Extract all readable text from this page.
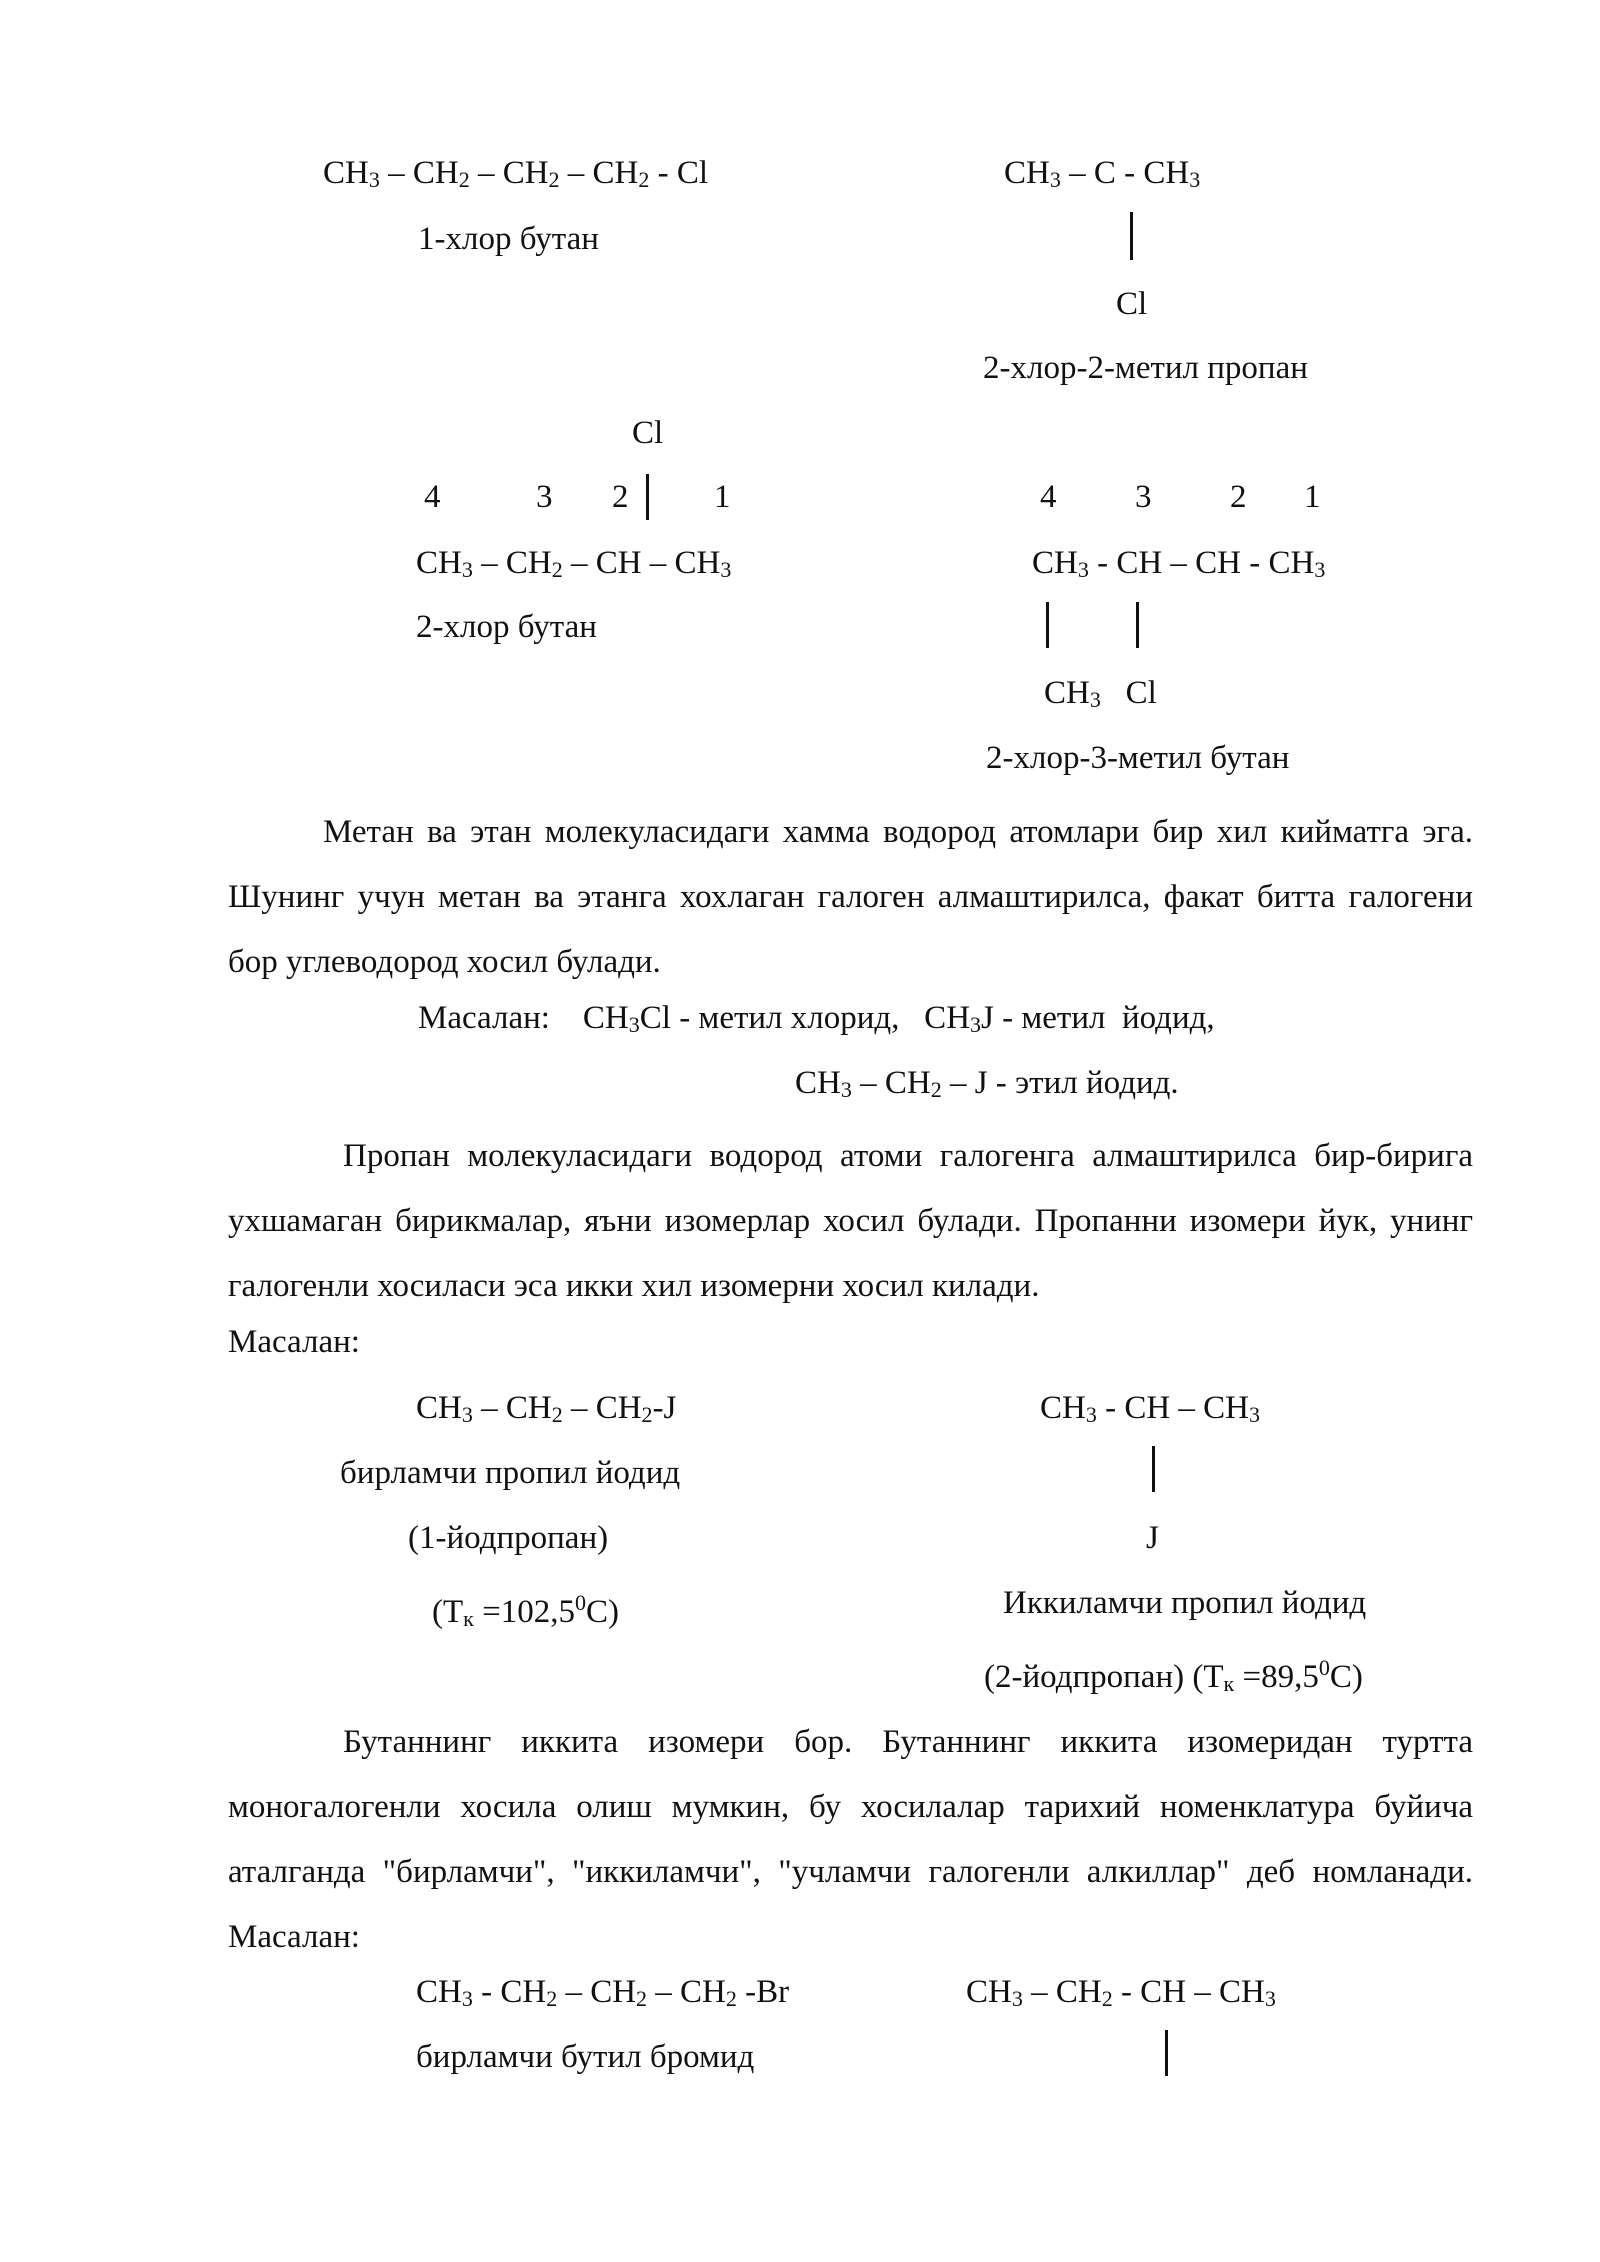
$CH_3 - CH_2 - CH_2 - CH_2$ - Cl
1-хлор бутан
$CH_3$ – C - $CH_3$
Cl
2-хлор-2-метил пропан
Cl
4	3 2	1
$CH_3 - CH_2$ – CH – $CH_3$
2-хлор бутан
4 3 2 1
$CH_3$ - CH – CH - $CH_3$
$CH_3$   Cl
2-хлор-3-метил бутан
Метан ва этан молекуласидаги хамма водород атомлари бир хил кийматга эга. Шунинг учун метан ва этанга хохлаган галоген алмаштирилса, факат битта галогени бор углеводород хосил булади.
Масалан:    $CH_3Cl$ - метил хлорид,   $CH_3J$ - метил  йодид,
$CH_3 - CH_2$ – J - этил йодид.
Пропан молекуласидаги водород атоми галогенга алмаштирилса бир-бирига ухшамаган бирикмалар, яъни изомерлар хосил булади. Пропанни изомери йук, унинг галогенли хосиласи эса икки хил изомерни хосил килади.
Масалан:
$CH_3 - CH_2 - CH_2-J$
бирламчи пропил йодид
(1-йодпропан)
$(T_к =102,5^0C)$
$CH_3$ - CH – $CH_3$
J
Иккиламчи пропил йодид
(2-йодпропан) $(T_к =89,5^0C)$
Бутаннинг иккита изомери бор. Бутаннинг иккита изомеридан туртта моногалогенли хосила олиш мумкин, бу хосилалар тарихий номенклатура буйича аталганда "бирламчи", "иккиламчи", "учламчи галогенли алкиллар" деб номланади. Масалан:
$CH_3 - CH_2 - CH_2 - CH_2$ -Br
бирламчи бутил бромид
$CH_3 - CH_2$ - CH – $CH_3$
